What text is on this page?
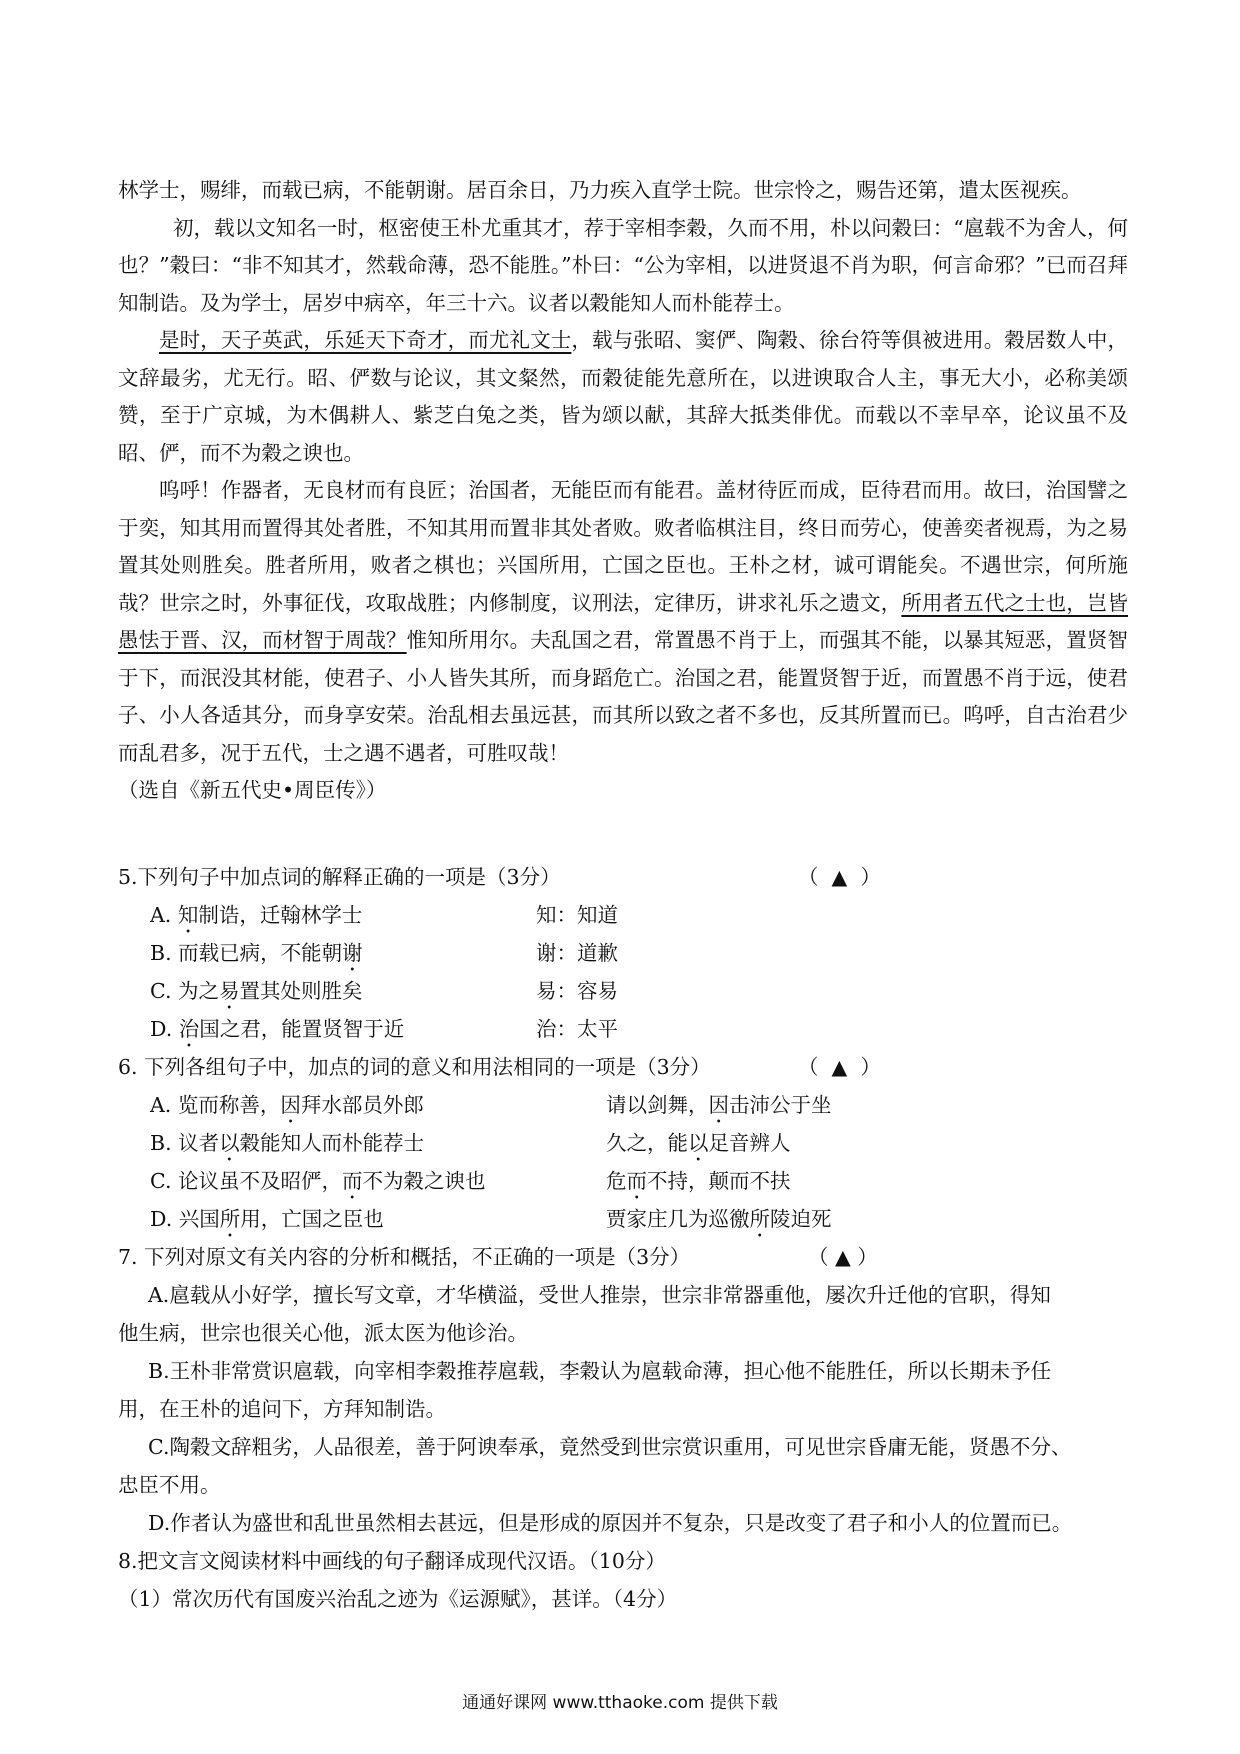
林学士，赐绯，而载已病，不能朝谢。居百余日，乃力疾入直学士院。世宗怜之，赐告还第，遣太医视疾。

初，载以文知名一时，枢密使王朴尤重其才，荐于宰相李穀，久而不用，朴以问穀曰：“扈载不为舍人，何也？”穀曰：“非不知其才，然载命薄，恐不能胜。”朴曰：“公为宰相，以进贤退不肖为职，何言命邪？”已而召拜知制诰。及为学士，居岁中病卒，年三十六。议者以穀能知人而朴能荐士。

是时，天子英武，乐延天下奇才，而尤礼文士，载与张昭、窦俨、陶穀、徐台符等俱被进用。穀居数人中，文辞最劣，尤无行。昭、俨数与论议，其文粲然，而穀徒能先意所在，以进谀取合人主，事无大小，必称美颂赞，至于广京城，为木偶耕人、紫芝白兔之类，皆为颂以献，其辞大抵类俳优。而载以不幸早卒，论议虽不及昭、俨，而不为穀之谀也。

呜呼！作器者，无良材而有良匠；治国者，无能臣而有能君。盖材待匠而成，臣待君而用。故曰，治国譬之于奕，知其用而置得其处者胜，不知其用而置非其处者败。败者临棋注目，终日而劳心，使善奕者视焉，为之易置其处则胜矣。胜者所用，败者之棋也；兴国所用，亡国之臣也。王朴之材，诚可谓能矣。不遇世宗，何所施哉？世宗之时，外事征伐，攻取战胜；内修制度，议刑法，定律历，讲求礼乐之遗文，所用者五代之士也，岂皆愚怯于晋、汉，而材智于周哉？惟知所用尔。夫乱国之君，常置愚不肖于上，而强其不能，以暴其短恶，置贤智于下，而泯没其材能，使君子、小人皆失其所，而身蹈危亡。治国之君，能置贤智于近，而置愚不肖于远，使君子、小人各适其分，而身享安荣。治乱相去虽远甚，而其所以致之者不多也，反其所置而已。呜呼，自古治君少而乱君多，况于五代，士之遇不遇者，可胜叹哉！

（选自《新五代史•周臣传》）

5.下列句子中加点词的解释正确的一项是（3分）	（  ▲  ）
A. 知制诰，迁翰林学士	知：知道
B. 而载已病，不能朝谢	谢：道歉
C. 为之易置其处则胜矣	易：容易
D. 治国之君，能置贤智于近	治：太平
6. 下列各组句子中，加点的词的意义和用法相同的一项是（3分）	（  ▲  ）
A. 览而称善，因拜水部员外郎	请以剑舞，因击沛公于坐
B. 议者以穀能知人而朴能荐士	久之，能以足音辨人
C. 论议虽不及昭俨，而不为穀之谀也	危而不持，颠而不扶
D. 兴国所用，亡国之臣也	贾家庄几为巡徼所陵迫死
7. 下列对原文有关内容的分析和概括，不正确的一项是（3分）	（ ▲ ）
A.扈载从小好学，擅长写文章，才华横溢，受世人推崇，世宗非常器重他，屡次升迁他的官职，得知
他生病，世宗也很关心他，派太医为他诊治。
B.王朴非常赏识扈载，向宰相李穀推荐扈载，李穀认为扈载命薄，担心他不能胜任，所以长期未予任
用，在王朴的追问下，方拜知制诰。
C.陶穀文辞粗劣，人品很差，善于阿谀奉承，竟然受到世宗赏识重用，可见世宗昏庸无能，贤愚不分、
忠臣不用。
D.作者认为盛世和乱世虽然相去甚远，但是形成的原因并不复杂，只是改变了君子和小人的位置而已。
8.把文言文阅读材料中画线的句子翻译成现代汉语。（10分）
（1）常次历代有国废兴治乱之迹为《运源赋》，甚详。（4分）
通通好课网 www.tthaoke.com 提供下载
